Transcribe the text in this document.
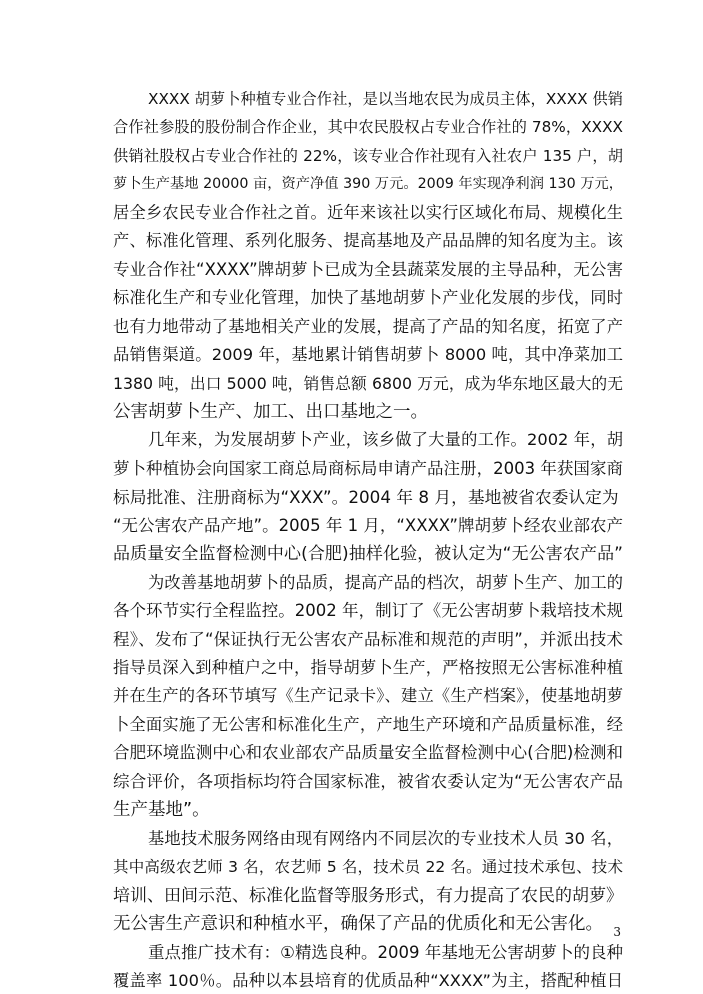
XXXX 胡萝卜种植专业合作社，是以当地农民为成员主体，XXXX 供销
合作社参股的股份制合作企业，其中农民股权占专业合作社的 78%，XXXX
供销社股权占专业合作社的 22%，该专业合作社现有入社农户 135 户，胡
萝卜生产基地 20000 亩，资产净值 390 万元。2009 年实现净利润 130 万元，
居全乡农民专业合作社之首。近年来该社以实行区域化布局、规模化生
产、标准化管理、系列化服务、提高基地及产品品牌的知名度为主。该
专业合作社“XXXX”牌胡萝卜已成为全县蔬菜发展的主导品种，无公害
标准化生产和专业化管理，加快了基地胡萝卜产业化发展的步伐，同时
也有力地带动了基地相关产业的发展，提高了产品的知名度，拓宽了产
品销售渠道。2009 年，基地累计销售胡萝卜 8000 吨，其中净菜加工
1380 吨，出口 5000 吨，销售总额 6800 万元，成为华东地区最大的无
公害胡萝卜生产、加工、出口基地之一。
几年来，为发展胡萝卜产业，该乡做了大量的工作。2002 年，胡
萝卜种植协会向国家工商总局商标局申请产品注册，2003 年获国家商
标局批准、注册商标为“XXX”。2004 年 8 月，基地被省农委认定为
“无公害农产品产地”。2005 年 1 月，“XXXX”牌胡萝卜经农业部农产
品质量安全监督检测中心(合肥)抽样化验，被认定为“无公害农产品”
为改善基地胡萝卜的品质，提高产品的档次，胡萝卜生产、加工的
各个环节实行全程监控。2002 年，制订了《无公害胡萝卜栽培技术规
程》、发布了“保证执行无公害农产品标准和规范的声明”，并派出技术
指导员深入到种植户之中，指导胡萝卜生产，严格按照无公害标准种植
并在生产的各环节填写《生产记录卡》、建立《生产档案》，使基地胡萝
卜全面实施了无公害和标准化生产，产地生产环境和产品质量标准，经
合肥环境监测中心和农业部农产品质量安全监督检测中心(合肥)检测和
综合评价，各项指标均符合国家标准，被省农委认定为“无公害农产品
生产基地”。
基地技术服务网络由现有网络内不同层次的专业技术人员 30 名，
其中高级农艺师 3 名，农艺师 5 名，技术员 22 名。通过技术承包、技术
培训、田间示范、标准化监督等服务形式，有力提高了农民的胡萝》
无公害生产意识和种植水平，确保了产品的优质化和无公害化。
重点推广技术有：①精选良种。2009 年基地无公害胡萝卜的良种
覆盖率 100％。品种以本县培育的优质品种“XXXX”为主，搭配种植日
3
